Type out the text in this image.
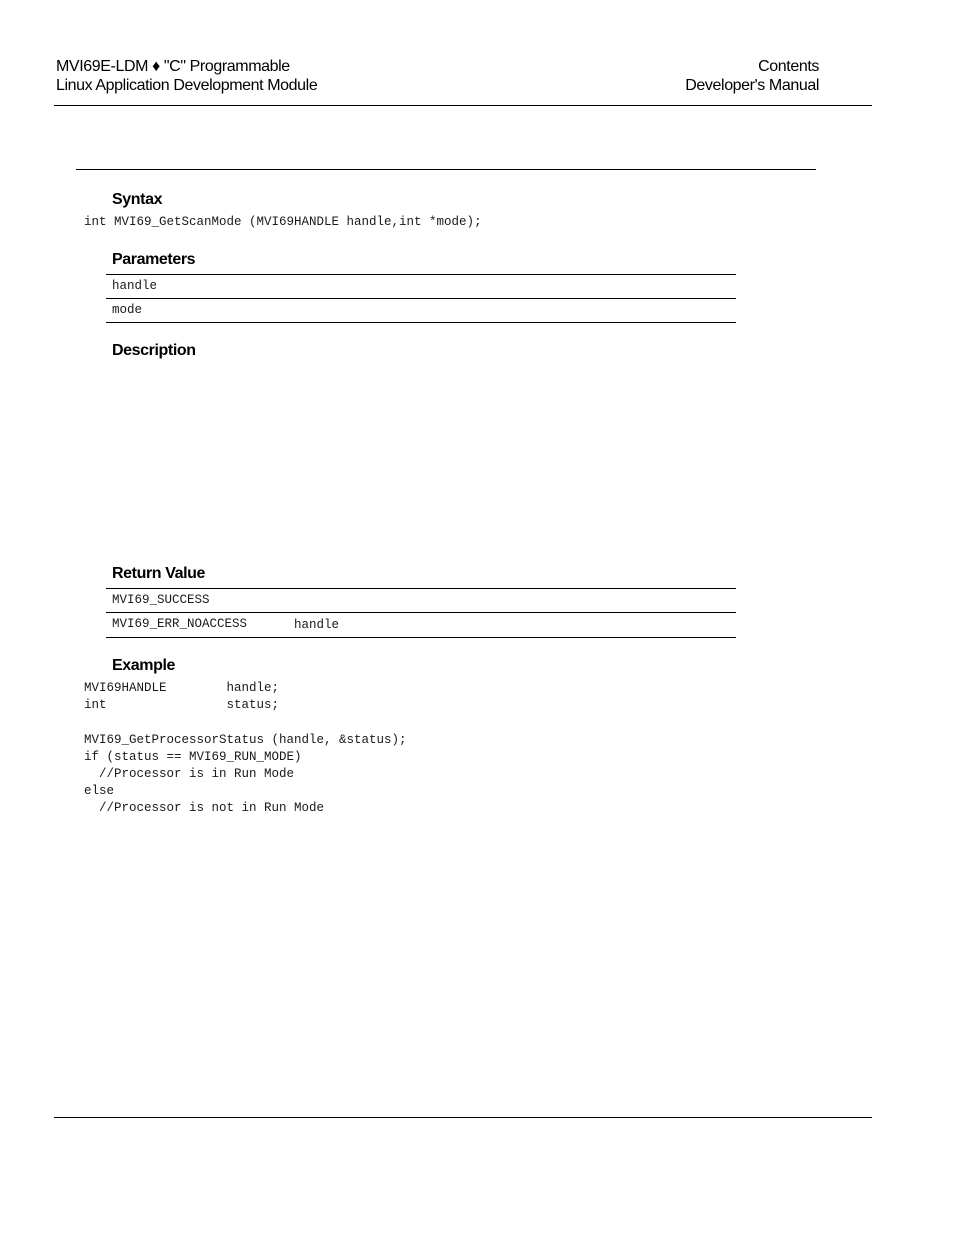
MVI69E-LDM ♦ "C" Programmable
Linux Application Development Module
Contents
Developer's Manual
Syntax
int MVI69_GetScanMode (MVI69HANDLE handle,int *mode);
Parameters
handle
mode
Description
Return Value
MVI69_SUCCESS
MVI69_ERR_NOACCESS	handle
Example
MVI69HANDLE        handle;
int                status;

MVI69_GetProcessorStatus (handle, &status);
if (status == MVI69_RUN_MODE)
//Processor is in Run Mode
else
//Processor is not in Run Mode
